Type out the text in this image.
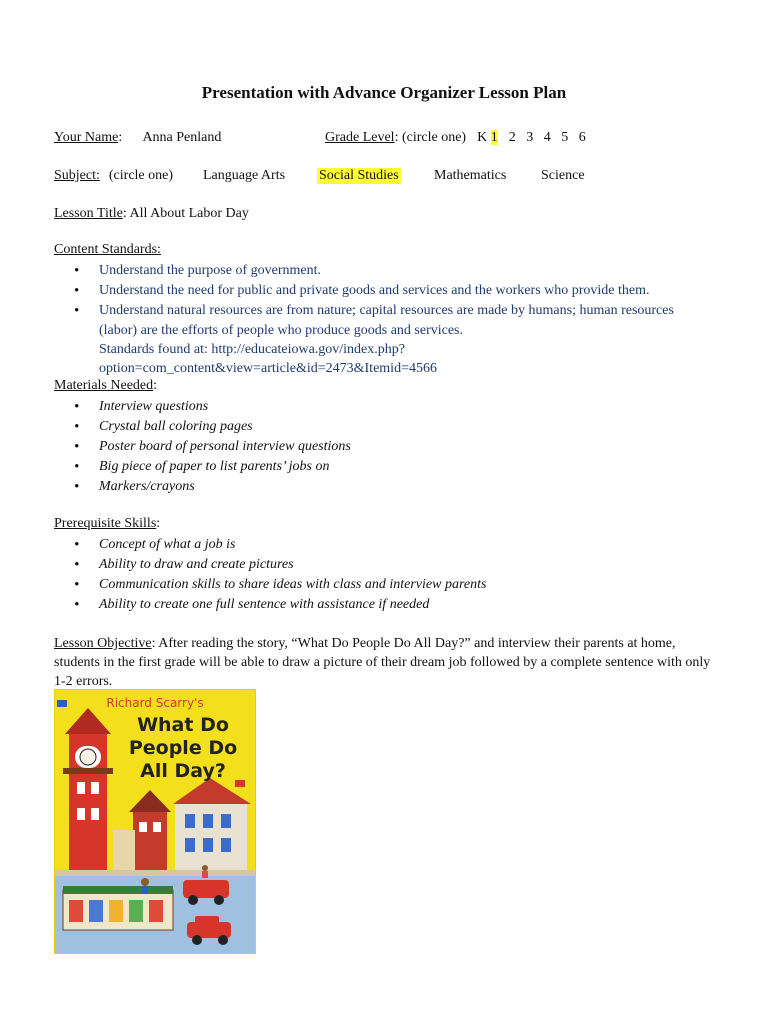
Presentation with Advance Organizer Lesson Plan
Your Name: Anna Penland	Grade Level: (circle one) K 1 2 3 4 5 6
Subject: (circle one) Language Arts Social Studies	Mathematics Science
Lesson Title: All About Labor Day
Content Standards:
• Understand the purpose of government.
• Understand the need for public and private goods and services and the workers who provide them.
• Understand natural resources are from nature; capital resources are made by humans; human resources (labor) are the efforts of people who produce goods and services.
Standards found at: http://educateiowa.gov/index.php?
option=com_content&view=article&id=2473&Itemid=4566
Materials Needed:
• Interview questions
• Crystal ball coloring pages
• Poster board of personal interview questions
• Big piece of paper to list parents’ jobs on
• Markers/crayons
Prerequisite Skills:
• Concept of what a job is
• Ability to draw and create pictures
• Communication skills to share ideas with class and interview parents
• Ability to create one full sentence with assistance if needed
Lesson Objective: After reading the story, “What Do People Do All Day?” and interview their parents at home, students in the first grade will be able to draw a picture of their dream job followed by a complete sentence with only 1-2 errors.
Richard Scarry's
What Do
People Do
All Day?
